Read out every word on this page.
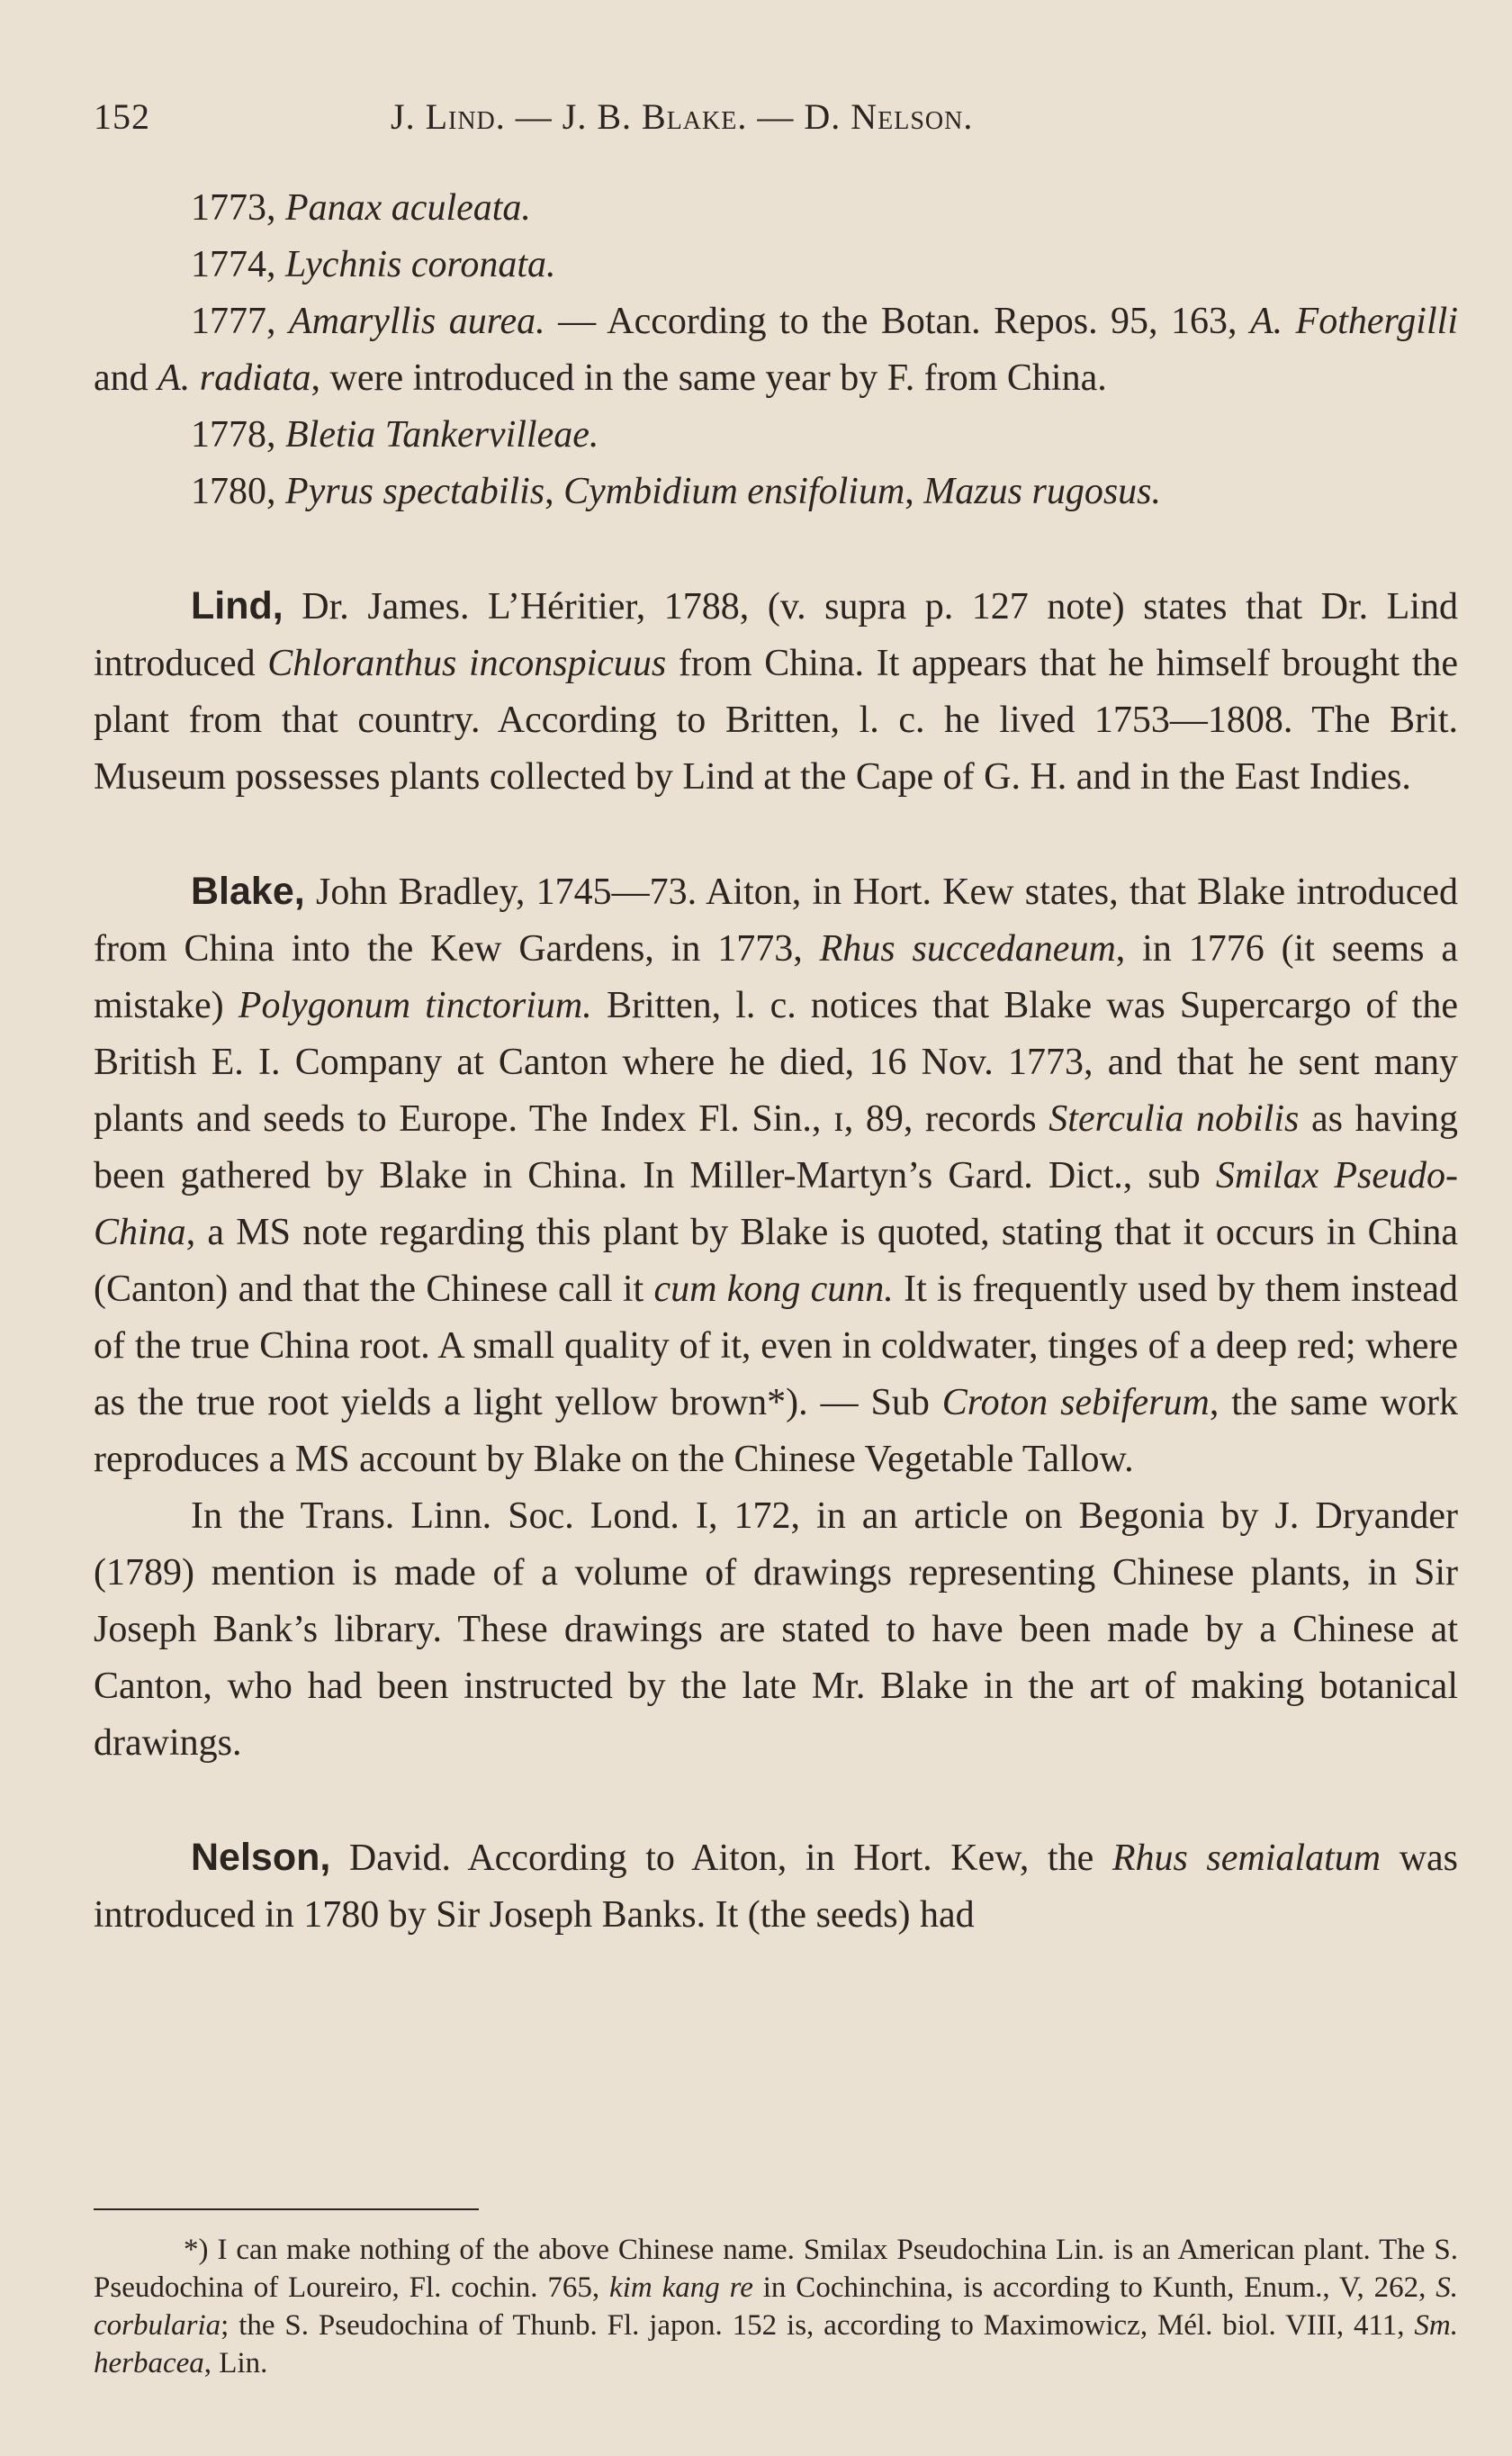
152	J. Lind. — J. B. Blake. — D. Nelson.

1773, Panax aculeata.

1774, Lychnis coronata.

1777, Amaryllis aurea. — According to the Botan. Repos. 95, 163, A. Fothergilli and A. radiata, were introduced in the same year by F. from China.

1778, Bletia Tankervilleae.

1780, Pyrus spectabilis, Cymbidium ensifolium, Mazus rugosus.

Lind, Dr. James. L’Héritier, 1788, (v. supra p. 127 note) states that Dr. Lind introduced Chloranthus inconspicuus from China. It appears that he himself brought the plant from that country. According to Britten, l. c. he lived 1753—1808. The Brit. Museum possesses plants collected by Lind at the Cape of G. H. and in the East Indies.

Blake, John Bradley, 1745—73. Aiton, in Hort. Kew states, that Blake introduced from China into the Kew Gardens, in 1773, Rhus succedaneum, in 1776 (it seems a mistake) Polygonum tinctorium. Britten, l. c. notices that Blake was Supercargo of the British E. I. Company at Canton where he died, 16 Nov. 1773, and that he sent many plants and seeds to Europe. The Index Fl. Sin., ɪ, 89, records Sterculia nobilis as having been gathered by Blake in China. In Miller-Martyn’s Gard. Dict., sub Smilax Pseudo-China, a MS note regarding this plant by Blake is quoted, stating that it occurs in China (Canton) and that the Chinese call it cum kong cunn. It is frequently used by them instead of the true China root. A small quality of it, even in coldwater, tinges of a deep red; where as the true root yields a light yellow brown*). — Sub Croton sebiferum, the same work reproduces a MS account by Blake on the Chinese Vegetable Tallow.

In the Trans. Linn. Soc. Lond. I, 172, in an article on Begonia by J. Dryander (1789) mention is made of a volume of drawings representing Chinese plants, in Sir Joseph Bank’s library. These drawings are stated to have been made by a Chinese at Canton, who had been instructed by the late Mr. Blake in the art of making botanical drawings.

Nelson, David. According to Aiton, in Hort. Kew, the Rhus semialatum was introduced in 1780 by Sir Joseph Banks. It (the seeds) had

*) I can make nothing of the above Chinese name. Smilax Pseudochina Lin. is an American plant. The S. Pseudochina of Loureiro, Fl. cochin. 765, kim kang re in Cochinchina, is according to Kunth, Enum., V, 262, S. corbularia; the S. Pseudochina of Thunb. Fl. japon. 152 is, according to Maximowicz, Mél. biol. VIII, 411, Sm. herbacea, Lin.
